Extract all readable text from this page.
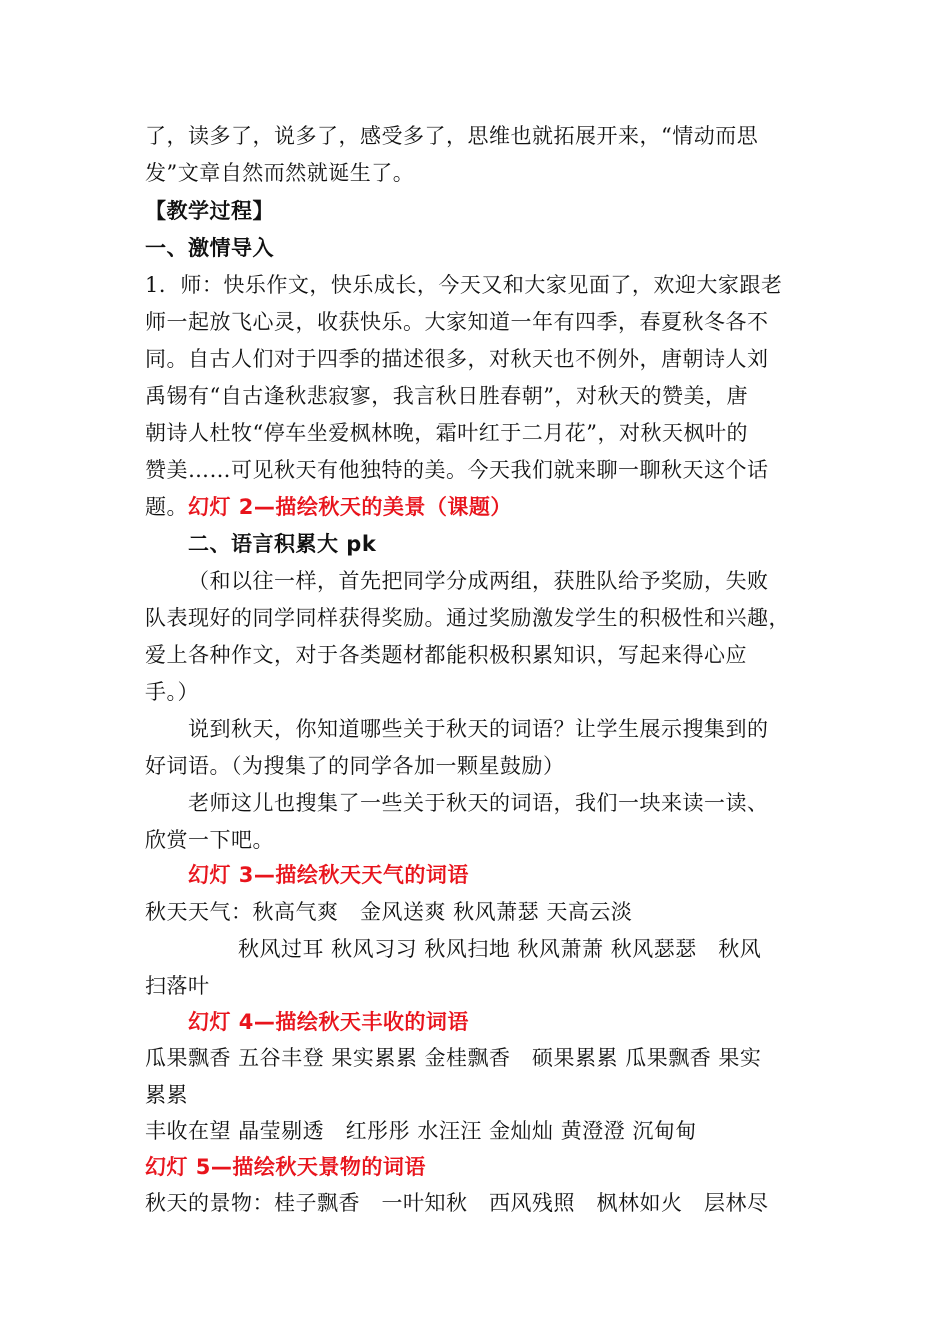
了，读多了，说多了，感受多了，思维也就拓展开来，“情动而思
发”文章自然而然就诞生了。
【教学过程】
一、激情导入
1．师：快乐作文，快乐成长，今天又和大家见面了，欢迎大家跟老
师一起放飞心灵，收获快乐。大家知道一年有四季，春夏秋冬各不
同。自古人们对于四季的描述很多，对秋天也不例外，唐朝诗人刘
禹锡有“自古逢秋悲寂寥，我言秋日胜春朝”，对秋天的赞美，唐
朝诗人杜牧“停车坐爱枫林晚，霜叶红于二月花”，对秋天枫叶的
赞美……可见秋天有他独特的美。今天我们就来聊一聊秋天这个话
题。幻灯 2—描绘秋天的美景（课题）
二、语言积累大 pk
（和以往一样，首先把同学分成两组，获胜队给予奖励，失败
队表现好的同学同样获得奖励。通过奖励激发学生的积极性和兴趣，
爱上各种作文，对于各类题材都能积极积累知识，写起来得心应
手。）
说到秋天，你知道哪些关于秋天的词语？让学生展示搜集到的
好词语。（为搜集了的同学各加一颗星鼓励）
老师这儿也搜集了一些关于秋天的词语，我们一块来读一读、
欣赏一下吧。
幻灯 3—描绘秋天天气的词语
秋天天气：秋高气爽　金风送爽 秋风萧瑟 天高云淡
秋风过耳 秋风习习 秋风扫地 秋风萧萧 秋风瑟瑟　秋风
扫落叶
幻灯 4—描绘秋天丰收的词语
瓜果飘香 五谷丰登 果实累累 金桂飘香　硕果累累 瓜果飘香 果实
累累
丰收在望 晶莹剔透　红彤彤 水汪汪 金灿灿 黄澄澄 沉甸甸
幻灯 5—描绘秋天景物的词语
秋天的景物：桂子飘香　一叶知秋　西风残照　枫林如火　层林尽
